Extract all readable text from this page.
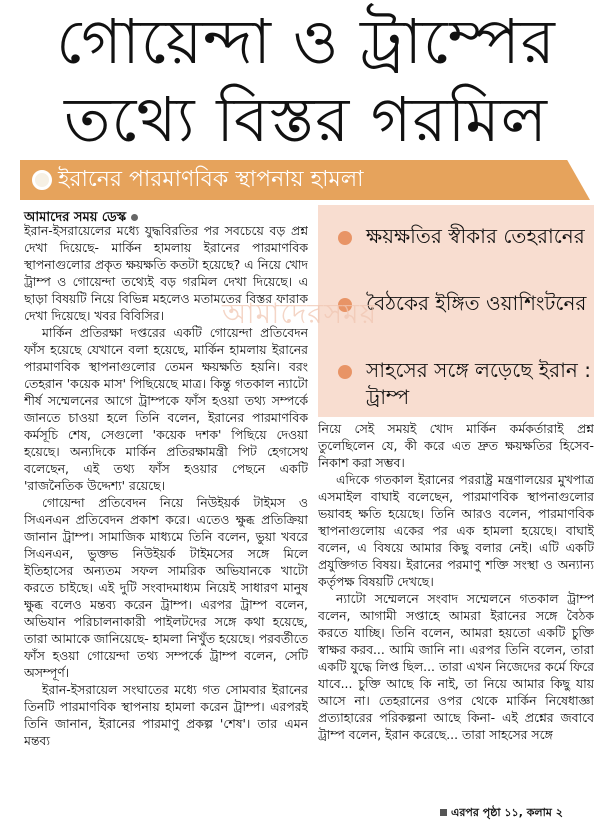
গোয়েন্দা ও ট্রাম্পের
তথ্যে বিস্তর গরমিল
ইরানের পারমাণবিক স্থাপনায় হামলা
আমাদের সময় ডেস্ক

ইরান-ইসরায়েলের মধ্যে যুদ্ধবিরতির পর সবচেয়ে বড় প্রশ্ন দেখা দিয়েছে- মার্কিন হামলায় ইরানের পারমাণবিক স্থাপনাগুলোর প্রকৃত ক্ষয়ক্ষতি কতটা হয়েছে? এ নিয়ে খোদ ট্রাম্প ও গোয়েন্দা তথ্যেই বড় গরমিল দেখা দিয়েছে। এ ছাড়া বিষয়টি নিয়ে বিভিন্ন মহলেও মতামতের বিস্তর ফারাক দেখা দিয়েছে। খবর বিবিসির।

মার্কিন প্রতিরক্ষা দপ্তরের একটি গোয়েন্দা প্রতিবেদন ফাঁস হয়েছে যেখানে বলা হয়েছে, মার্কিন হামলায় ইরানের পারমাণবিক স্থাপনাগুলোর তেমন ক্ষয়ক্ষতি হয়নি। বরং তেহরান 'কয়েক মাস' পিছিয়েছে মাত্র। কিন্তু গতকাল ন্যাটো শীর্ষ সম্মেলনের আগে ট্রাম্পকে ফাঁস হওয়া তথ্য সম্পর্কে জানতে চাওয়া হলে তিনি বলেন, ইরানের পারমাণবিক কর্মসূচি শেষ, সেগুলো 'কয়েক দশক' পিছিয়ে দেওয়া হয়েছে। অন্যদিকে মার্কিন প্রতিরক্ষামন্ত্রী পিট হেগসেথ বলেছেন, এই তথ্য ফাঁস হওয়ার পেছনে একটি 'রাজনৈতিক উদ্দেশ্য' রয়েছে।

গোয়েন্দা প্রতিবেদন নিয়ে নিউইয়র্ক টাইমস ও সিএনএন প্রতিবেদন প্রকাশ করে। এতেও ক্ষুব্ধ প্রতিক্রিয়া জানান ট্রাম্প। সামাজিক মাধ্যমে তিনি বলেন, ভুয়া খবরে সিএনএন, ভুক্তভ নিউইয়র্ক টাইমসের সঙ্গে মিলে ইতিহাসের অন্যতম সফল সামরিক অভিযানকে খাটো করতে চাইছে। এই দুটি সংবাদমাধ্যম নিয়েই সাধারণ মানুষ ক্ষুব্ধ বলেও মন্তব্য করেন ট্রাম্প। এরপর ট্রাম্প বলেন, অভিযান পরিচালনাকারী পাইলটদের সঙ্গে কথা হয়েছে, তারা আমাকে জানিয়েছে- হামলা নিখুঁত হয়েছে। পরবর্তীতে ফাঁস হওয়া গোয়েন্দা তথ্য সম্পর্কে ট্রাম্প বলেন, সেটি অসম্পূর্ণ।

ইরান-ইসরায়েল সংঘাতের মধ্যে গত সোমবার ইরানের তিনটি পারমাণবিক স্থাপনায় হামলা করেন ট্রাম্প। এরপরই তিনি জানান, ইরানের পারমাণু প্রকল্প 'শেষ'। তার এমন মন্তব্য

ক্ষয়ক্ষতির স্বীকার তেহরানের
বৈঠকের ইঙ্গিত ওয়াশিংটনের
সাহসের সঙ্গে লড়েছে ইরান : ট্রাম্প
আমাদেরসময়

নিয়ে সেই সময়ই খোদ মার্কিন কর্মকর্তারাই প্রশ্ন তুলেছিলেন যে, কী করে এত দ্রুত ক্ষয়ক্ষতির হিসেব-নিকাশ করা সম্ভব।

এদিকে গতকাল ইরানের পররাষ্ট্র মন্ত্রণালয়ের মুখপাত্র এসমাইল বাঘাই বলেছেন, পারমাণবিক স্থাপনাগুলোর ভয়াবহ ক্ষতি হয়েছে। তিনি আরও বলেন, পারমাণবিক স্থাপনাগুলোয় একের পর এক হামলা হয়েছে। বাঘাই বলেন, এ বিষয়ে আমার কিছু বলার নেই। এটি একটি প্রযুক্তিগত বিষয়। ইরানের পরমাণু শক্তি সংস্থা ও অন্যান্য কর্তৃপক্ষ বিষয়টি দেখছে।

ন্যাটো সম্মেলনে সংবাদ সম্মেলনে গতকাল ট্রাম্প বলেন, আগামী সপ্তাহে আমরা ইরানের সঙ্গে বৈঠক করতে যাচ্ছি। তিনি বলেন, আমরা হয়তো একটি চুক্তি স্বাক্ষর করব... আমি জানি না। এরপর তিনি বলেন, তারা একটি যুদ্ধে লিপ্ত ছিল... তারা এখন নিজেদের কর্মে ফিরে যাবে... চুক্তি আছে কি নাই, তা নিয়ে আমার কিছু যায় আসে না। তেহরানের ওপর থেকে মার্কিন নিষেধাজ্ঞা প্রত্যাহারের পরিকল্পনা আছে কিনা- এই প্রশ্নের জবাবে ট্রাম্প বলেন, ইরান করেছে... তারা সাহসের সঙ্গে

এরপর পৃষ্ঠা ১১, কলাম ২
